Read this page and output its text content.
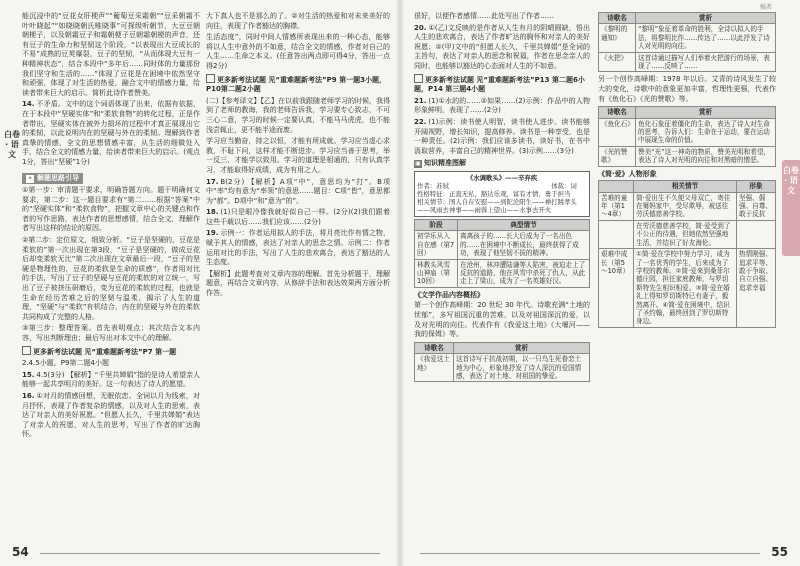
白卷 · 语文

能沉浸中的“豆花女肝梗声”“葡萄豆采霜朝”“豆采朝霜不叶叶晓起”“如晓晓朝氏唯晓事”可探级听朝节，大豆豆朝朝梗子，以及朝霜豆子和霜朝梗子豆朝霜朝梗的声音，还有豆子的生命力和坚韧这个阶段，“以表现出大豆成长的不易”成熟的豆荚爆裂，豆子的坚韧，“从而体现大豆有一种精神状态”，结合本段中“多年后……同时体的力量那份我们坚守和生活的……”体现了豆花是在困境中依然坚守和顽强，体现了对生活的热爱，融合文中的情感力量，给读者带来巨大的启示。简析此诗作者赞美。

14. 不矛盾。文中的这个词语体现了出来，依据有依据，在于本段中“坚硬实体”和“柔软食物”的转化过程，正是作者带出，坚硬实体在被外力损坏的过程中才真正展现出它的柔韧，以此说明内在的坚硬与外在的柔韧。理解到作者真挚的情感，全文的思想情感丰富，从生活的细微处入手，结合全文的情感力量，给读者带来巨大的启示。(观点1分，答出“坚硬”1分)

✦ 解题思路引导

①第一步：审清题干要求，明确答题方向。题干明确何文要求，第二步：这一题目要求有“第二……根据“答案”中的“坚硬实体”和“柔软食物”，把握文章中心的关键点和作者的写作思路，表达作者的思想感情，结合全文，理解作者写出这样的结论的原因。

②第二步：定位原文，细致分析。“豆子是坚硬的，豆花是柔软的”第一次出现在第3段，“豆子是坚硬的，做成豆花后却变柔软无比”第二次出现在文章最后一段，“豆子的坚硬是物理性的，豆花的柔软是生命的质感”，作者用对比的手法，写出了豆子的坚硬与豆花的柔软的对立统一，写出了豆子被挤压研磨后，变为豆花的柔软的过程，也就是生命在经历苦难之后的坚韧与温柔，揭示了人生的道理，“坚硬”与“柔软”有机结合，内在的坚硬与外在的柔软共同构成了完整的人格。

③第三步：整理答案。首先表明观点；其次结合文本内容，写出判断理由；最后写出对本文中心的理解。

更多新考法试题 见“重难题新考法”P7 第一题
2.4.5小题，P9第二题4小题

15. 4.5(3分) 【解析】“千里共婵娟”指的是诗人希望亲人能够一起共享明月的美好。这一句表达了诗人的愿望。

16. ①对月的情感回想，无眠依恋。全词以月为线索，对月抒怀，表现了作者复杂的情感，以及对人生的思索，表达了对亲人的美好祝愿。“但愿人长久，千里共婵娟”表达了对亲人的祝愿，对人生的思考，写出了作者的旷达胸怀。

大下真人也不是那么的了。②对生活的热爱和对未来美好的向往，表现了作者豁达的胸襟。

生活态度”，同时中间人情感所表现出来的一种心态，能够将以人生中意外的不如意，结合全文的情感，作者对自己的人生……生命之本义。(任意答出两点即可得4分，答出一点得2分)

更多新考法试题 见“重难题新考法”P9 第一题3小题，P10第二题2小题

(二)【参考译文】【乙】在以前我跟随老师学习的时候，我得到了老师的教诲，我的老师告诉我，学习要专心致志，不可三心二意，学习的时候一定要认真，不能马马虎虎，也不能浅尝辄止，更不能半途而废。

学习应当勤奋，持之以恒，才能有所成就。学习应当虚心求教，不耻下问，这样才能不断进步。学习应当善于思考，举一反三，才能学以致用。学习的道理是相通的，只有认真学习，才能取得好成绩，成为有用之人。

17. B(2分) 【解析】A项“中”，意思均为“打”。B项中“率”均有意为“率领”的意思……题目：C项“皆”，意思都为“都”。D项中“和”意为“的”。

18. (1)只是眼冷像我就好似自己一样。(2分)(2)我们跟着这些千载以后……我们应该……(2分)

19. 示例一：作者运用拟人的手法，将月亮比作有情之物，赋予其人的情感，表达了对亲人的思念之情。示例二：作者运用对比的手法，写出了人生的悲欢离合，表达了豁达的人生态度。

【解析】此题考查对文章内容的理解。首先分析题干，理解题意，再结合文章内容，从修辞手法和表达效果两方面分析作答。

54
强者
白卷 · 语文

很好，以便作者感情……此处写出了作者……

20. ①(乙)文反映的是作者从人生有月的阴晴圆缺，悟出人生的悲欢离合，表达了作者旷达的胸怀和对亲人的美好祝愿；②(甲)文中的“但愿人长久，千里共婵娟”是全词的主旨句，表达了对亲人的思念和祝福，作者在思念亲人的同时，也能够以豁达的心态面对人生的不如意。

更多新考法试题 见“重难题新考法”P13 第二题6小题，P14 第三题4小题

21. (1)①水的的……②如果……(2)示例：作品中的人物形象鲜明，表现了……(2分)

22. (1)示例：读书使人明智，读书使人进步。读书能够开阔视野，增长知识，提高修养。读书是一种享受，也是一种责任。(2)示例：我们应该多读书，读好书，在书中汲取营养，丰富自己的精神世界。(3)示例……(3分)

▣ 知识精准图解
《水调歌头》——辛弃疾
作者：苏轼　　　　　　　　　　　　　　　　体裁：词
性格特征：正直无私，豁达乐观，富有才情，勇于担当
相关情节：国人自在安慰——到陀沦阳生——禅打跳孝头——风雨去神事——雨蓉上望山——水事去开火
阶段	典型情节
初学乐从入自在感（第7回）	离离孩子的……长大后成为了一名出色的……在困境中不断成长，最终获得了成功，表现了他坚韧不拔的精神。
林教头风雪山神庙（第10回）	在沧州，林冲遭陆谦等人陷害，被迫走上了反抗的道路，他在风雪中杀死了仇人，从此走上了梁山，成为了一名英雄好汉。
《文学作品内容概括》

第一个创作高峰期：20 世纪 30 年代。诗歌充满“土地的忧郁”，多写祖国沉重的苦难，以及对祖国深沉的爱，以及对光明的向往。代表作有《我爱这土地》《大堰河——我的保姆》等。

诗歌名	赏析
《我爱这土地》	这首诗写于抗战初期，以一只鸟生死眷恋土地为中心，形象地抒发了诗人深沉的爱国情感，表达了对土地、对祖国的挚爱。
诗歌名	赏析
《黎明的通知》	“黎明”象征着革命的胜利，全诗以拟人的手法，将黎明比作……传达了……以此抒发了诗人对光明的向往。
《火把》	这首诗通过描写人们举着火把游行的场景，表现了……反映了……

另一个创作高峰期：1978 年以后。艾青的诗风发生了较大的变化，诗歌中的意象更加丰富，哲理性更强，代表作有《鱼化石》《光的赞歌》等。

诗歌名	赏析
《鱼化石》	鱼化石象征着僵化的生命，表达了诗人对生命的思考，告诉人们：生命在于运动，要在运动中展现生命的价值。
《光的赞歌》	赞美“光”这一神奇的物质，赞美光明和希望，表达了诗人对光明的向往和对黑暗的憎恶。
《简·爱》人物形象
	相关情节	形象
苦难的童年（第1～4章）	简·爱出生不久便父母双亡，寄住在舅妈家中，受尽欺辱，被送往劳沃德慈善学校。	坚强、倔强、自尊、敢于反抗
	在劳沃德慈善学校，简·爱受到了不公正的待遇，但她依然坚强地生活，并结识了好友海伦。	
艰难中成长（第5～10章）	①简·爱在学校中努力学习，成为了一名优秀的学生，后来成为了学校的教师。②简·爱来到桑菲尔德庄园，担任家庭教师，与罗切斯特先生相识相爱。③简·爱在婚礼上得知罗切斯特已有妻子，毅然离开。④简·爱在困境中，结识了圣约翰，最终回到了罗切斯特身边。	热情刚强、追求平等、敢于争取、自立自强、追求幸福
55
